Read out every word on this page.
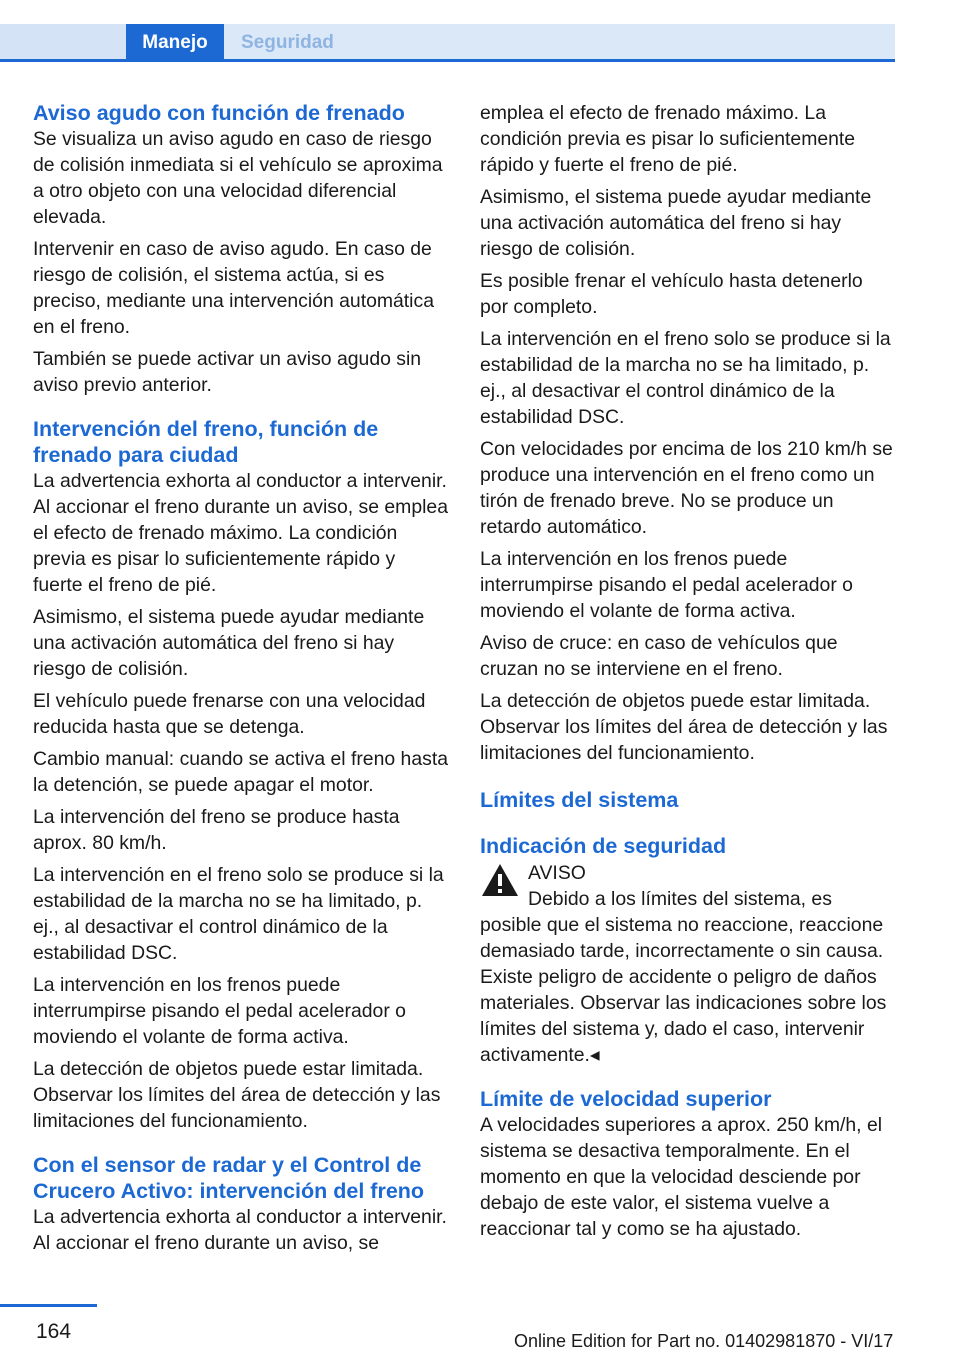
Manejo	Seguridad
Aviso agudo con función de frenado

Se visualiza un aviso agudo en caso de riesgo de colisión inmediata si el vehículo se aproxima a otro objeto con una velocidad diferencial elevada.

Intervenir en caso de aviso agudo. En caso de riesgo de colisión, el sistema actúa, si es preciso, mediante una intervención automática en el freno.

También se puede activar un aviso agudo sin aviso previo anterior.

Intervención del freno, función de frenado para ciudad

La advertencia exhorta al conductor a intervenir. Al accionar el freno durante un aviso, se emplea el efecto de frenado máximo. La condición previa es pisar lo suficientemente rápido y fuerte el freno de pié.

Asimismo, el sistema puede ayudar mediante una activación automática del freno si hay riesgo de colisión.

El vehículo puede frenarse con una velocidad reducida hasta que se detenga.

Cambio manual: cuando se activa el freno hasta la detención, se puede apagar el motor.

La intervención del freno se produce hasta aprox. 80 km/h.

La intervención en el freno solo se produce si la estabilidad de la marcha no se ha limitado, p. ej., al desactivar el control dinámico de la estabilidad DSC.

La intervención en los frenos puede interrumpirse pisando el pedal acelerador o moviendo el volante de forma activa.

La detección de objetos puede estar limitada. Observar los límites del área de detección y las limitaciones del funcionamiento.

Con el sensor de radar y el Control de Crucero Activo: intervención del freno

La advertencia exhorta al conductor a intervenir. Al accionar el freno durante un aviso, se

emplea el efecto de frenado máximo. La condición previa es pisar lo suficientemente rápido y fuerte el freno de pié.

Asimismo, el sistema puede ayudar mediante una activación automática del freno si hay riesgo de colisión.

Es posible frenar el vehículo hasta detenerlo por completo.

La intervención en el freno solo se produce si la estabilidad de la marcha no se ha limitado, p. ej., al desactivar el control dinámico de la estabilidad DSC.

Con velocidades por encima de los 210 km/h se produce una intervención en el freno como un tirón de frenado breve. No se produce un retardo automático.

La intervención en los frenos puede interrumpirse pisando el pedal acelerador o moviendo el volante de forma activa.

Aviso de cruce: en caso de vehículos que cruzan no se interviene en el freno.

La detección de objetos puede estar limitada. Observar los límites del área de detección y las limitaciones del funcionamiento.

Límites del sistema
Indicación de seguridad

AVISO

Debido a los límites del sistema, es posible que el sistema no reaccione, reaccione demasiado tarde, incorrectamente o sin causa. Existe peligro de accidente o peligro de daños materiales. Observar las indicaciones sobre los límites del sistema y, dado el caso, intervenir activamente.◂

Límite de velocidad superior

A velocidades superiores a aprox. 250 km/h, el sistema se desactiva temporalmente. En el momento en que la velocidad desciende por debajo de este valor, el sistema vuelve a reaccionar tal y como se ha ajustado.

164	Online Edition for Part no. 01402981870 - VI/17
